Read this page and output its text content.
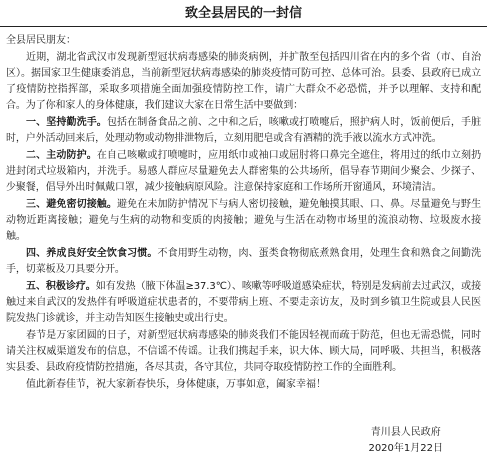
致全县居民的一封信

全县居民朋友：

近期，湖北省武汉市发现新型冠状病毒感染的肺炎病例，并扩散至包括四川省在内的多个省（市、自治区）。据国家卫生健康委消息，当前新型冠状病毒感染的肺炎疫情可防可控、总体可治。县委、县政府已成立了疫情防控指挥部，采取多项措施全面加强疫情防控工作，请广大群众不必恐慌，并予以理解、支持和配合。为了你和家人的身体健康，我们建议大家在日常生活中要做到：

一、坚持勤洗手。包括在制备食品之前、之中和之后，咳嗽或打喷嚏后，照护病人时，饭前便后，手脏时，户外活动回来后，处理动物或动物排泄物后，立刻用肥皂或含有酒精的洗手液以流水方式冲洗。

二、主动防护。在自己咳嗽或打喷嚏时，应用纸巾或袖口或屈肘将口鼻完全遮住，将用过的纸巾立刻扔进封闭式垃圾箱内，并洗手。易感人群应尽量避免去人群密集的公共场所，倡导春节期间少聚会、少探子、少聚餐，倡导外出时佩戴口罩，减少接触病原风险。注意保持家庭和工作场所开窗通风，环境清洁。

三、避免密切接触。避免在未加防护情况下与病人密切接触，避免触摸其眼、口、鼻。尽量避免与野生动物近距离接触；避免与生病的动物和变质的肉接触；避免与生活在动物市场里的流浪动物、垃圾废水接触。

四、养成良好安全饮食习惯。不食用野生动物，肉、蛋类食物彻底煮熟食用，处理生食和熟食之间勤洗手，切菜板及刀具要分开。

五、积极诊疗。如有发热（腋下体温≥37.3℃）、咳嗽等呼吸道感染症状，特别是发病前去过武汉，或接触过来自武汉的发热伴有呼吸道症状患者的，不要带病上班、不要走亲访友，及时到乡镇卫生院或县人民医院发热门诊就诊，并主动告知医生接触史或出行史。

春节是万家团圆的日子，对新型冠状病毒感染的肺炎我们不能因轻视而疏于防范，但也无需恐慌，同时请关注权威渠道发布的信息，不信谣不传谣。让我们携起手来，识大体、顾大局，同呼吸、共担当，积极落实县委、县政府疫情防控措施，各尽其责，各守其位，共同夺取疫情防控工作的全面胜利。

值此新春佳节，祝大家新春快乐，身体健康，万事如意，阖家幸福！

青川县人民政府
2020年1月22日
